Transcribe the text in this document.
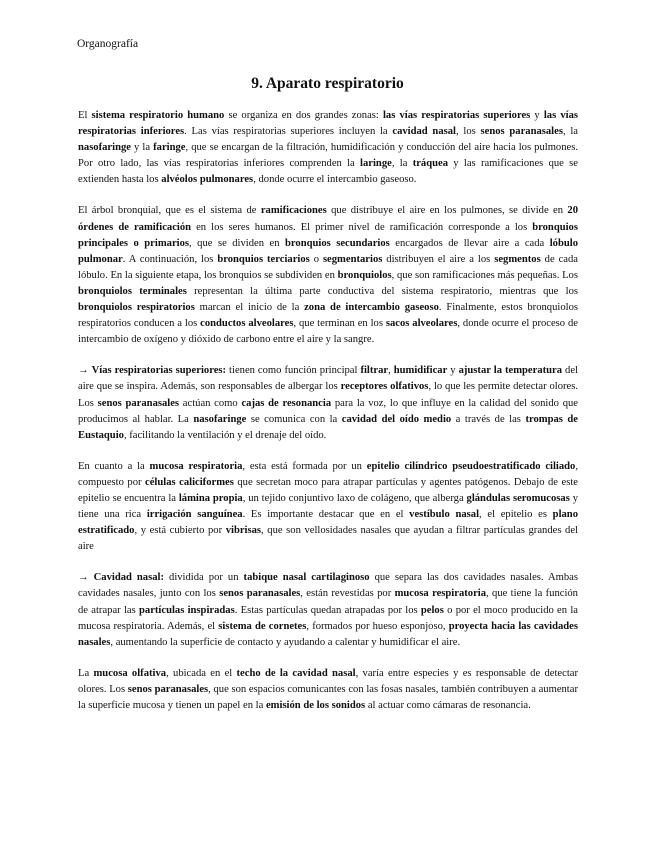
Organografía
9. Aparato respiratorio

El sistema respiratorio humano se organiza en dos grandes zonas: las vías respiratorias superiores y las vías respiratorias inferiores. Las vías respiratorias superiores incluyen la cavidad nasal, los senos paranasales, la nasofaringe y la faringe, que se encargan de la filtración, humidificación y conducción del aire hacia los pulmones. Por otro lado, las vías respiratorias inferiores comprenden la laringe, la tráquea y las ramificaciones que se extienden hasta los alvéolos pulmonares, donde ocurre el intercambio gaseoso.

El árbol bronquial, que es el sistema de ramificaciones que distribuye el aire en los pulmones, se divide en 20 órdenes de ramificación en los seres humanos. El primer nivel de ramificación corresponde a los bronquios principales o primarios, que se dividen en bronquios secundarios encargados de llevar aire a cada lóbulo pulmonar. A continuación, los bronquios terciarios o segmentarios distribuyen el aire a los segmentos de cada lóbulo. En la siguiente etapa, los bronquios se subdividen en bronquiolos, que son ramificaciones más pequeñas. Los bronquiolos terminales representan la última parte conductiva del sistema respiratorio, mientras que los bronquiolos respiratorios marcan el inicio de la zona de intercambio gaseoso. Finalmente, estos bronquiolos respiratorios conducen a los conductos alveolares, que terminan en los sacos alveolares, donde ocurre el proceso de intercambio de oxígeno y dióxido de carbono entre el aire y la sangre.

→ Vías respiratorias superiores: tienen como función principal filtrar, humidificar y ajustar la temperatura del aire que se inspira. Además, son responsables de albergar los receptores olfativos, lo que les permite detectar olores. Los senos paranasales actúan como cajas de resonancia para la voz, lo que influye en la calidad del sonido que producimos al hablar. La nasofaringe se comunica con la cavidad del oído medio a través de las trompas de Eustaquio, facilitando la ventilación y el drenaje del oído.

En cuanto a la mucosa respiratoria, esta está formada por un epitelio cilíndrico pseudoestratificado ciliado, compuesto por células caliciformes que secretan moco para atrapar partículas y agentes patógenos. Debajo de este epitelio se encuentra la lámina propia, un tejido conjuntivo laxo de colágeno, que alberga glándulas seromucosas y tiene una rica irrigación sanguínea. Es importante destacar que en el vestíbulo nasal, el epitelio es plano estratificado, y está cubierto por vibrisas, que son vellosidades nasales que ayudan a filtrar partículas grandes del aire

→ Cavidad nasal: dividida por un tabique nasal cartilaginoso que separa las dos cavidades nasales. Ambas cavidades nasales, junto con los senos paranasales, están revestidas por mucosa respiratoria, que tiene la función de atrapar las partículas inspiradas. Estas partículas quedan atrapadas por los pelos o por el moco producido en la mucosa respiratoria. Además, el sistema de cornetes, formados por hueso esponjoso, proyecta hacia las cavidades nasales, aumentando la superficie de contacto y ayudando a calentar y humidificar el aire.

La mucosa olfativa, ubicada en el techo de la cavidad nasal, varía entre especies y es responsable de detectar olores. Los senos paranasales, que son espacios comunicantes con las fosas nasales, también contribuyen a aumentar la superficie mucosa y tienen un papel en la emisión de los sonidos al actuar como cámaras de resonancia.
